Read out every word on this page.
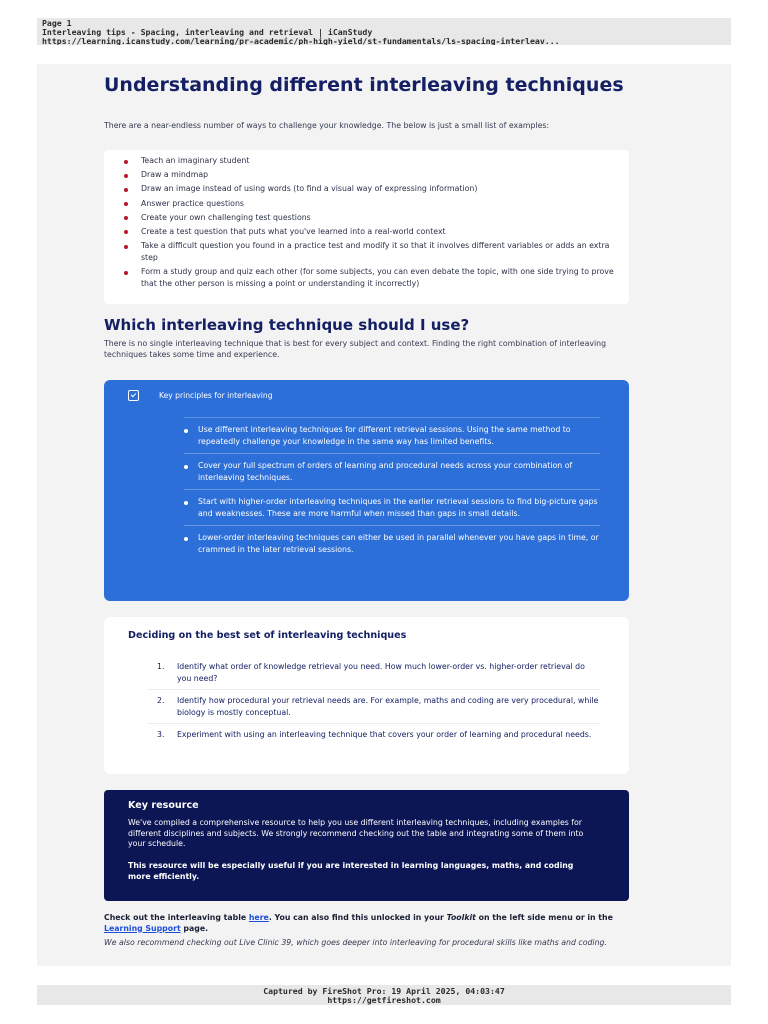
Page 1
Interleaving tips - Spacing, interleaving and retrieval | iCanStudy
https://learning.icanstudy.com/learning/pr-academic/ph-high-yield/st-fundamentals/ls-spacing-interleav...
Understanding different interleaving techniques

There are a near-endless number of ways to challenge your knowledge. The below is just a small list of examples:

Teach an imaginary student
Draw a mindmap
Draw an image instead of using words (to find a visual way of expressing information)
Answer practice questions
Create your own challenging test questions
Create a test question that puts what you've learned into a real-world context
Take a difficult question you found in a practice test and modify it so that it involves different variables or adds an extra step
Form a study group and quiz each other (for some subjects, you can even debate the topic, with one side trying to prove that the other person is missing a point or understanding it incorrectly)
Which interleaving technique should I use?

There is no single interleaving technique that is best for every subject and context. Finding the right combination of interleaving techniques takes some time and experience.

Key principles for interleaving
Use different interleaving techniques for different retrieval sessions. Using the same method to repeatedly challenge your knowledge in the same way has limited benefits.
Cover your full spectrum of orders of learning and procedural needs across your combination of interleaving techniques.
Start with higher-order interleaving techniques in the earlier retrieval sessions to find big-picture gaps and weaknesses. These are more harmful when missed than gaps in small details.
Lower-order interleaving techniques can either be used in parallel whenever you have gaps in time, or crammed in the later retrieval sessions.
Deciding on the best set of interleaving techniques
1. Identify what order of knowledge retrieval you need. How much lower-order vs. higher-order retrieval do you need?
2. Identify how procedural your retrieval needs are. For example, maths and coding are very procedural, while biology is mostly conceptual.
3. Experiment with using an interleaving technique that covers your order of learning and procedural needs.
Key resource
We've compiled a comprehensive resource to help you use different interleaving techniques, including examples for different disciplines and subjects. We strongly recommend checking out the table and integrating some of them into your schedule.
This resource will be especially useful if you are interested in learning languages, maths, and coding more efficiently.

Check out the interleaving table here. You can also find this unlocked in your Toolkit on the left side menu or in the Learning Support page.

We also recommend checking out Live Clinic 39, which goes deeper into interleaving for procedural skills like maths and coding.

Captured by FireShot Pro: 19 April 2025, 04:03:47
https://getfireshot.com
